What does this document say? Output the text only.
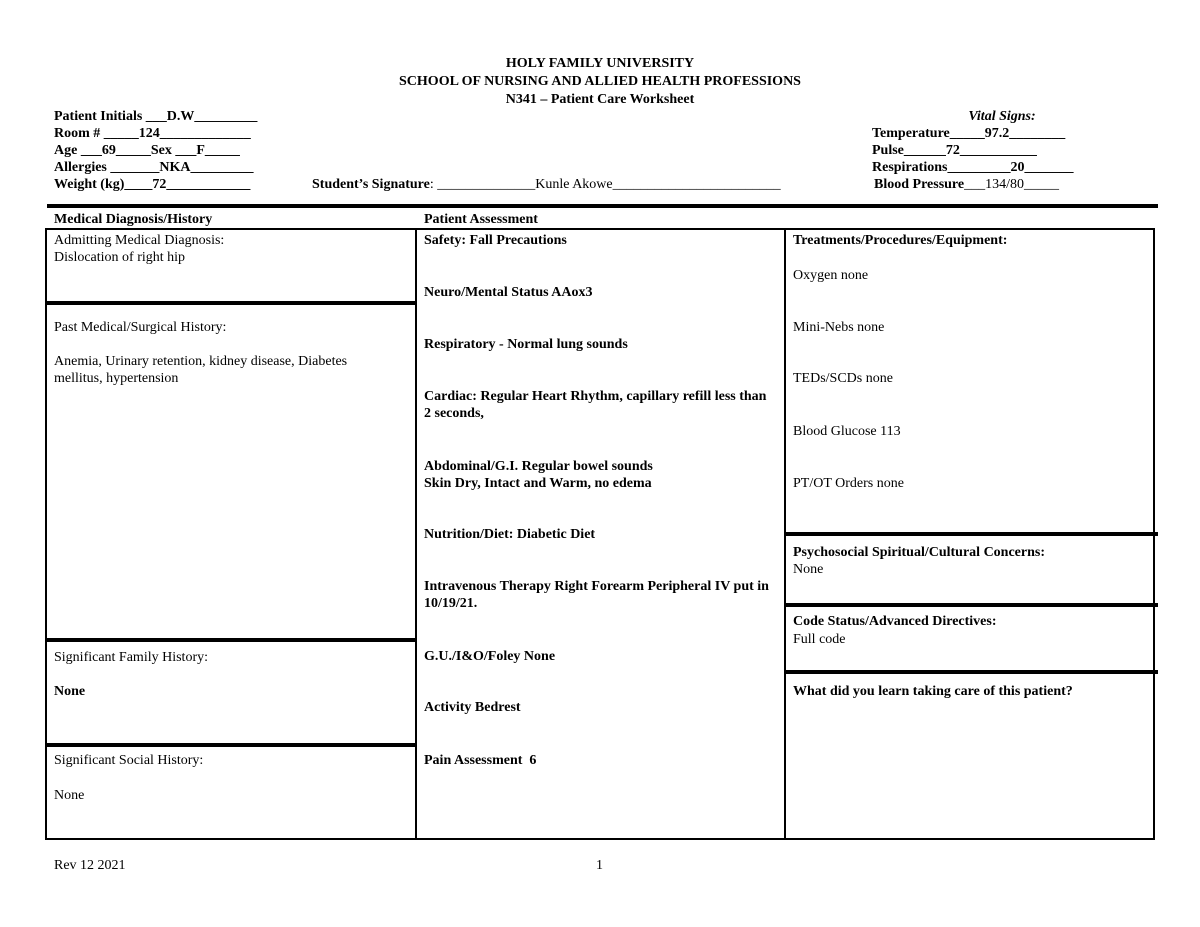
HOLY FAMILY UNIVERSITY
SCHOOL OF NURSING AND ALLIED HEALTH PROFESSIONS
N341 – Patient Care Worksheet
Patient Initials ___D.W_________
Room # _____124_____________
Age ___69_____Sex ___F_____
Allergies _______NKA_________
Weight (kg)____72____________	Student’s Signature: ______________Kunle Akowe________________________
Vital Signs:
Temperature_____97.2________
Pulse______72___________
Respirations_________20_______
Blood Pressure___134/80_____
Medical Diagnosis/History	Patient Assessment
Admitting Medical Diagnosis:
Dislocation of right hip
Past Medical/Surgical History:
Anemia, Urinary retention, kidney disease, Diabetes mellitus, hypertension
Significant Family History:
None
Significant Social History:
None
Safety: Fall Precautions
Neuro/Mental Status AAox3
Respiratory - Normal lung sounds
Cardiac: Regular Heart Rhythm, capillary refill less than 2 seconds,
Abdominal/G.I. Regular bowel sounds
Skin Dry, Intact and Warm, no edema
Nutrition/Diet: Diabetic Diet
Intravenous Therapy Right Forearm Peripheral IV put in 10/19/21.
G.U./I&O/Foley None
Activity Bedrest
Pain Assessment  6
Treatments/Procedures/Equipment:
Oxygen none
Mini-Nebs none
TEDs/SCDs none
Blood Glucose 113
PT/OT Orders none
Psychosocial Spiritual/Cultural Concerns:
None
Code Status/Advanced Directives:
Full code
What did you learn taking care of this patient?
Rev 12 2021	1
